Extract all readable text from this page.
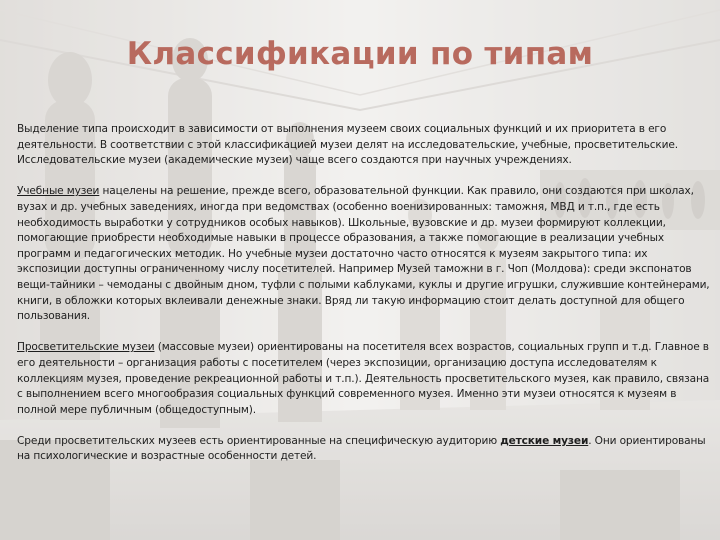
Классификации по типам

Выделение типа происходит в зависимости от выполнения музеем своих социальных функций и их приоритета в его деятельности. В соответствии с этой классификацией музеи делят на исследовательские, учебные, просветительские. Исследовательские музеи (академические музеи) чаще всего создаются при научных учреждениях.

Учебные музеи нацелены на решение, прежде всего, образовательной функции. Как правило, они создаются при школах, вузах и др. учебных заведениях, иногда при ведомствах (особенно военизированных: таможня, МВД и т.п., где есть необходимость выработки у сотрудников особых навыков). Школьные, вузовские и др. музеи формируют коллекции, помогающие приобрести необходимые навыки в процессе образования, а также помогающие в реализации учебных программ и педагогических методик. Но учебные музеи достаточно часто относятся к музеям закрытого типа: их экспозиции доступны ограниченному числу посетителей. Например Музей таможни в г. Чоп (Молдова): среди экспонатов вещи-тайники – чемоданы с двойным дном, туфли с полыми каблуками, куклы и другие игрушки, служившие контейнерами, книги, в обложки которых вклеивали денежные знаки. Вряд ли такую информацию стоит делать доступной для общего пользования.

Просветительские музеи (массовые музеи) ориентированы на посетителя всех возрастов, социальных групп и т.д. Главное в его деятельности – организация работы с посетителем (через экспозиции, организацию доступа исследователям к коллекциям музея, проведение рекреационной работы и т.п.). Деятельность просветительского музея, как правило, связана с выполнением всего многообразия социальных функций современного музея. Именно эти музеи относятся к музеям в полной мере публичным (общедоступным).

Среди просветительских музеев есть ориентированные на специфическую аудиторию детские музеи. Они ориентированы на психологические и возрастные особенности детей.
